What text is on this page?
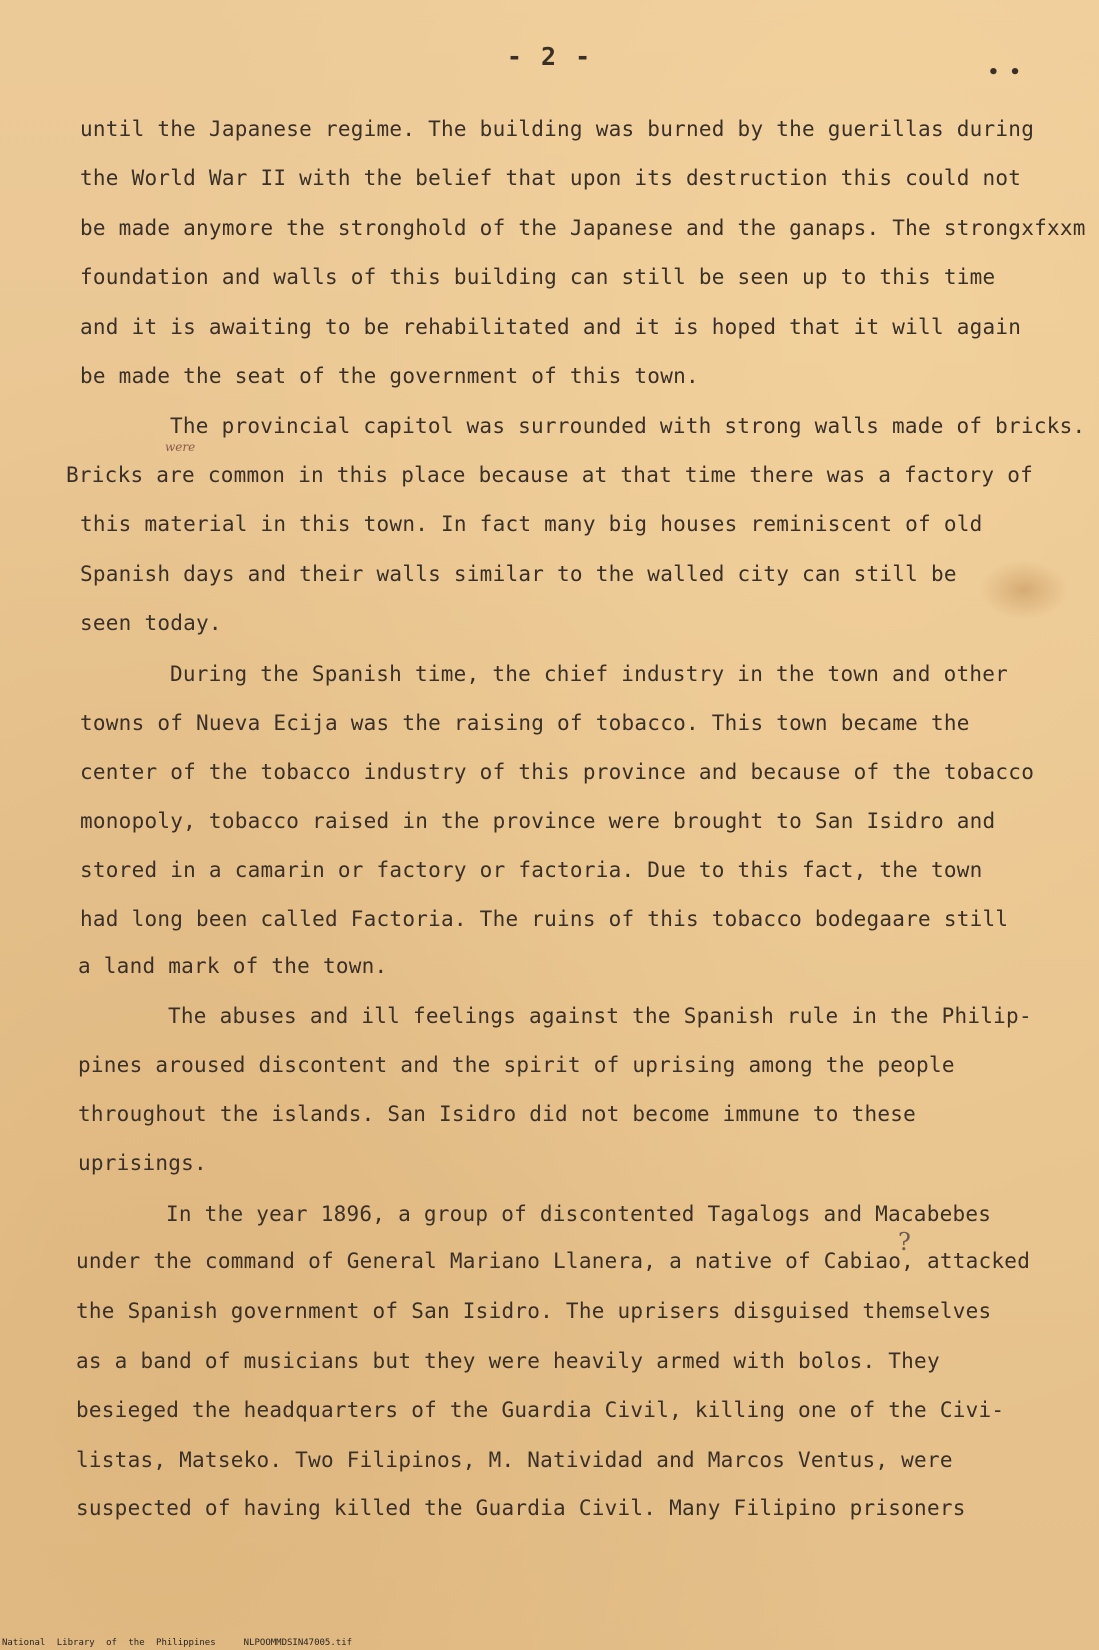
- 2 -
• •
were
?
until the Japanese regime. The building was burned by the guerillas during
the World War II with the belief that upon its destruction this could not
be made anymore the stronghold of the Japanese and the ganaps. The strongxfxxm
foundation and walls of this building can still be seen up to this time
and it is awaiting to be rehabilitated and it is hoped that it will again
be made the seat of the government of this town.
The provincial capitol was surrounded with strong walls made of bricks.
Bricks are common in this place because at that time there was a factory of
this material in this town. In fact many big houses reminiscent of old
Spanish days and their walls similar to the walled city can still be
seen today.
During the Spanish time, the chief industry in the town and other
towns of Nueva Ecija was the raising of tobacco. This town became the
center of the tobacco industry of this province and because of the tobacco
monopoly, tobacco raised in the province were brought to San Isidro and
stored in a camarin or factory or factoria. Due to this fact, the town
had long been called Factoria. The ruins of this tobacco bodegaare still
a land mark of the town.
The abuses and ill feelings against the Spanish rule in the Philip-
pines aroused discontent and the spirit of uprising among the people
throughout the islands. San Isidro did not become immune to these
uprisings.
In the year 1896, a group of discontented Tagalogs and Macabebes
under the command of General Mariano Llanera, a native of Cabiao, attacked
the Spanish government of San Isidro. The uprisers disguised themselves
as a band of musicians but they were heavily armed with bolos. They
besieged the headquarters of the Guardia Civil, killing one of the Civi-
listas, Matseko. Two Filipinos, M. Natividad and Marcos Ventus, were
suspected of having killed the Guardia Civil. Many Filipino prisoners
National Library of the Philippines	NLPOOMMDSIN47005.tif
